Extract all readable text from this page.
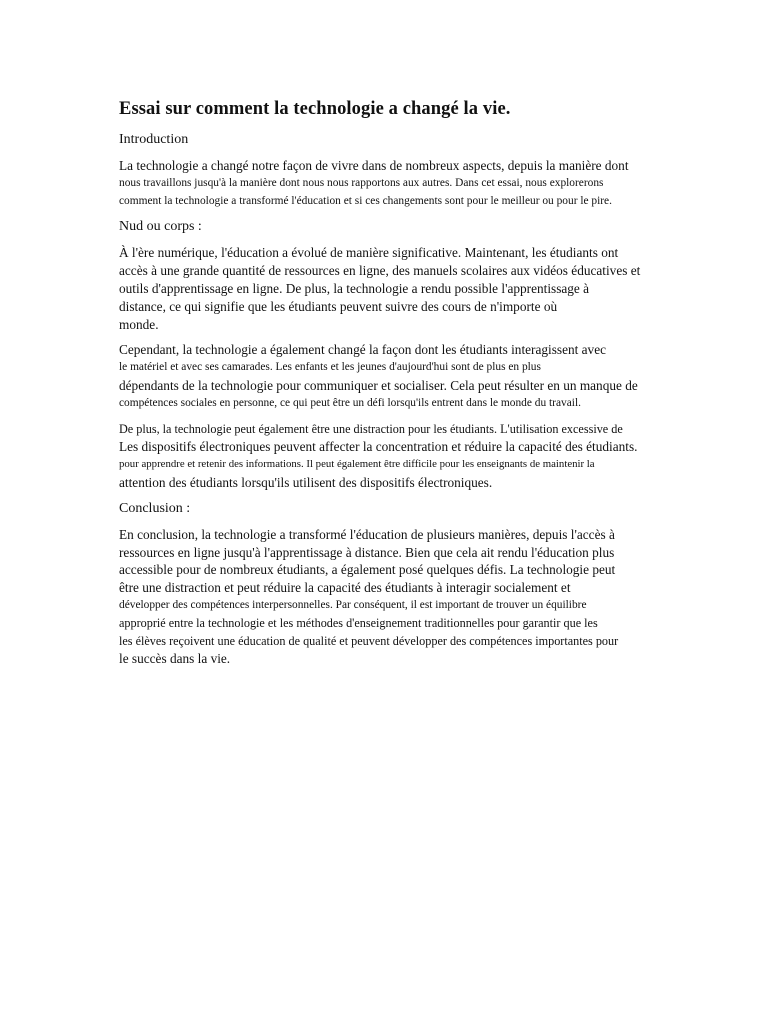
Essai sur comment la technologie a changé la vie.
Introduction

La technologie a changé notre façon de vivre dans de nombreux aspects, depuis la manière dont
nous travaillons jusqu'à la manière dont nous nous rapportons aux autres. Dans cet essai, nous explorerons
comment la technologie a transformé l'éducation et si ces changements sont pour le meilleur ou pour le pire.

Nud ou corps :

À l'ère numérique, l'éducation a évolué de manière significative. Maintenant, les étudiants ont
accès à une grande quantité de ressources en ligne, des manuels scolaires aux vidéos éducatives et
outils d'apprentissage en ligne. De plus, la technologie a rendu possible l'apprentissage à
distance, ce qui signifie que les étudiants peuvent suivre des cours de n'importe où
monde.

Cependant, la technologie a également changé la façon dont les étudiants interagissent avec
le matériel et avec ses camarades. Les enfants et les jeunes d'aujourd'hui sont de plus en plus
dépendants de la technologie pour communiquer et socialiser. Cela peut résulter en un manque de
compétences sociales en personne, ce qui peut être un défi lorsqu'ils entrent dans le monde du travail.

De plus, la technologie peut également être une distraction pour les étudiants. L'utilisation excessive de
Les dispositifs électroniques peuvent affecter la concentration et réduire la capacité des étudiants.
pour apprendre et retenir des informations. Il peut également être difficile pour les enseignants de maintenir la
attention des étudiants lorsqu'ils utilisent des dispositifs électroniques.

Conclusion :

En conclusion, la technologie a transformé l'éducation de plusieurs manières, depuis l'accès à
ressources en ligne jusqu'à l'apprentissage à distance. Bien que cela ait rendu l'éducation plus
accessible pour de nombreux étudiants, a également posé quelques défis. La technologie peut
être une distraction et peut réduire la capacité des étudiants à interagir socialement et
développer des compétences interpersonnelles. Par conséquent, il est important de trouver un équilibre
approprié entre la technologie et les méthodes d'enseignement traditionnelles pour garantir que les
les élèves reçoivent une éducation de qualité et peuvent développer des compétences importantes pour
le succès dans la vie.
